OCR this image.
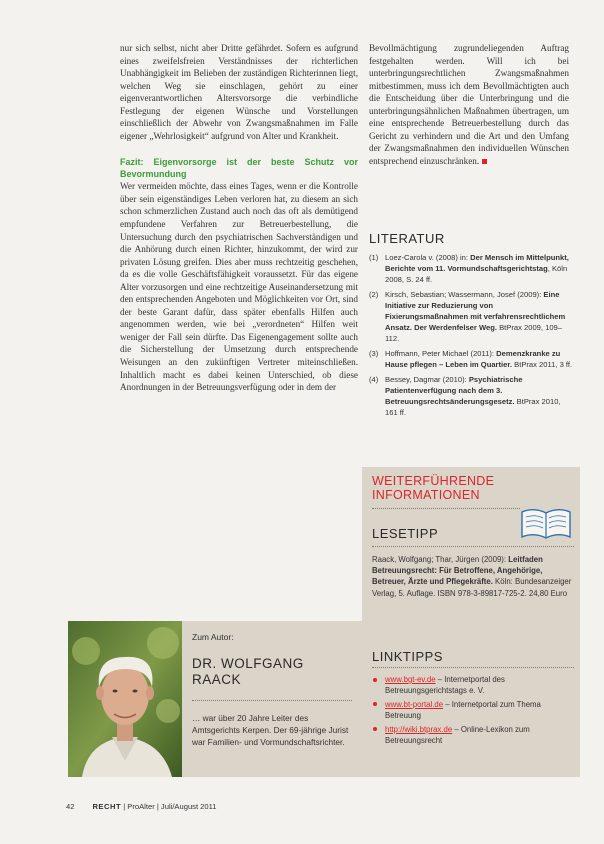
nur sich selbst, nicht aber Dritte gefährdet. Sofern es aufgrund eines zweifelsfreien Verständnisses der richterlichen Unabhängigkeit im Belieben der zuständigen Richterinnen liegt, welchen Weg sie einschlagen, gehört zu einer eigenverantwortlichen Altersvorsorge die verbindliche Festlegung der eigenen Wünsche und Vorstellungen einschließlich der Abwehr von Zwangsmaßnahmen im Falle eigener „Wehrlosigkeit“ aufgrund von Alter und Krankheit.

Fazit: Eigenvorsorge ist der beste Schutz vor Bevormundung

Wer vermeiden möchte, dass eines Tages, wenn er die Kontrolle über sein eigenständiges Leben verloren hat, zu diesem an sich schon schmerzlichen Zustand auch noch das oft als demütigend empfundene Verfahren zur Betreuerbestellung, die Untersuchung durch den psychiatrischen Sachverständigen und die Anhörung durch einen Richter, hinzukommt, der wird zur privaten Lösung greifen. Dies aber muss rechtzeitig geschehen, da es die volle Geschäftsfähigkeit voraussetzt. Für das eigene Alter vorzusorgen und eine rechtzeitige Auseinandersetzung mit den entsprechenden Angeboten und Möglichkeiten vor Ort, sind der beste Garant dafür, dass später ebenfalls Hilfen auch angenommen werden, wie bei „verordneten“ Hilfen weit weniger der Fall sein dürfte. Das Eigenengagement sollte auch die Sicherstellung der Umsetzung durch entsprechende Weisungen an den zukünftigen Vertreter miteinschließen. Inhaltlich macht es dabei keinen Unterschied, ob diese Anordnungen in der Betreuungsverfügung oder in dem der

Bevollmächtigung zugrundeliegenden Auftrag festgehalten werden. Will ich bei unterbringungsrechtlichen Zwangsmaßnahmen mitbestimmen, muss ich dem Bevollmächtigten auch die Entscheidung über die Unterbringung und die unterbringungsähnlichen Maßnahmen übertragen, um eine entsprechende Betreuerbestellung durch das Gericht zu verhindern und die Art und den Umfang der Zwangsmaßnahmen den individuellen Wünschen entsprechend einzuschränken.

LITERATUR
(1) Loez-Carola v. (2008) in: Der Mensch im Mittelpunkt, Berichte vom 11. Vormundschaftsgerichtstag, Köln 2008, S. 24 ff.
(2) Kirsch, Sebastian; Wassermann, Josef (2009): Eine Initiative zur Reduzierung von Fixierungsmaßnahmen mit verfahrensrechtlichem Ansatz. Der Werdenfelser Weg. BtPrax 2009, 109–112.
(3) Hoffmann, Peter Michael (2011): Demenzkranke zu Hause pflegen – Leben im Quartier. BtPrax 2011, 3 ff.
(4) Bessey, Dagmar (2010): Psychiatrische Patientenverfügung nach dem 3. Betreuungsrechtsänderungsgesetz. BtPrax 2010, 161 ff.
WEITERFÜHRENDE
INFORMATIONEN
LESETIPP
Raack, Wolfgang; Thar, Jürgen (2009): Leitfaden Betreuungsrecht: Für Betroffene, Angehörige, Betreuer, Ärzte und Pflegekräfte. Köln: Bundesanzeiger Verlag, 5. Auflage. ISBN 978-3-89817-725-2. 24,80 Euro
LINKTIPPS
www.bgt-ev.de – Internetportal des Betreuungsgerichtstags e. V.
www.bt-portal.de – Internetportal zum Thema Betreuung
http://wiki.btprax.de – Online-Lexikon zum Betreuungsrecht
Zum Autor:
DR. WOLFGANG
RAACK
… war über 20 Jahre Leiter des Amtsgerichts Kerpen. Der 69-jährige Jurist war Familien- und Vormundschaftsrichter.
42 RECHT | ProAlter | Juli/August 2011
